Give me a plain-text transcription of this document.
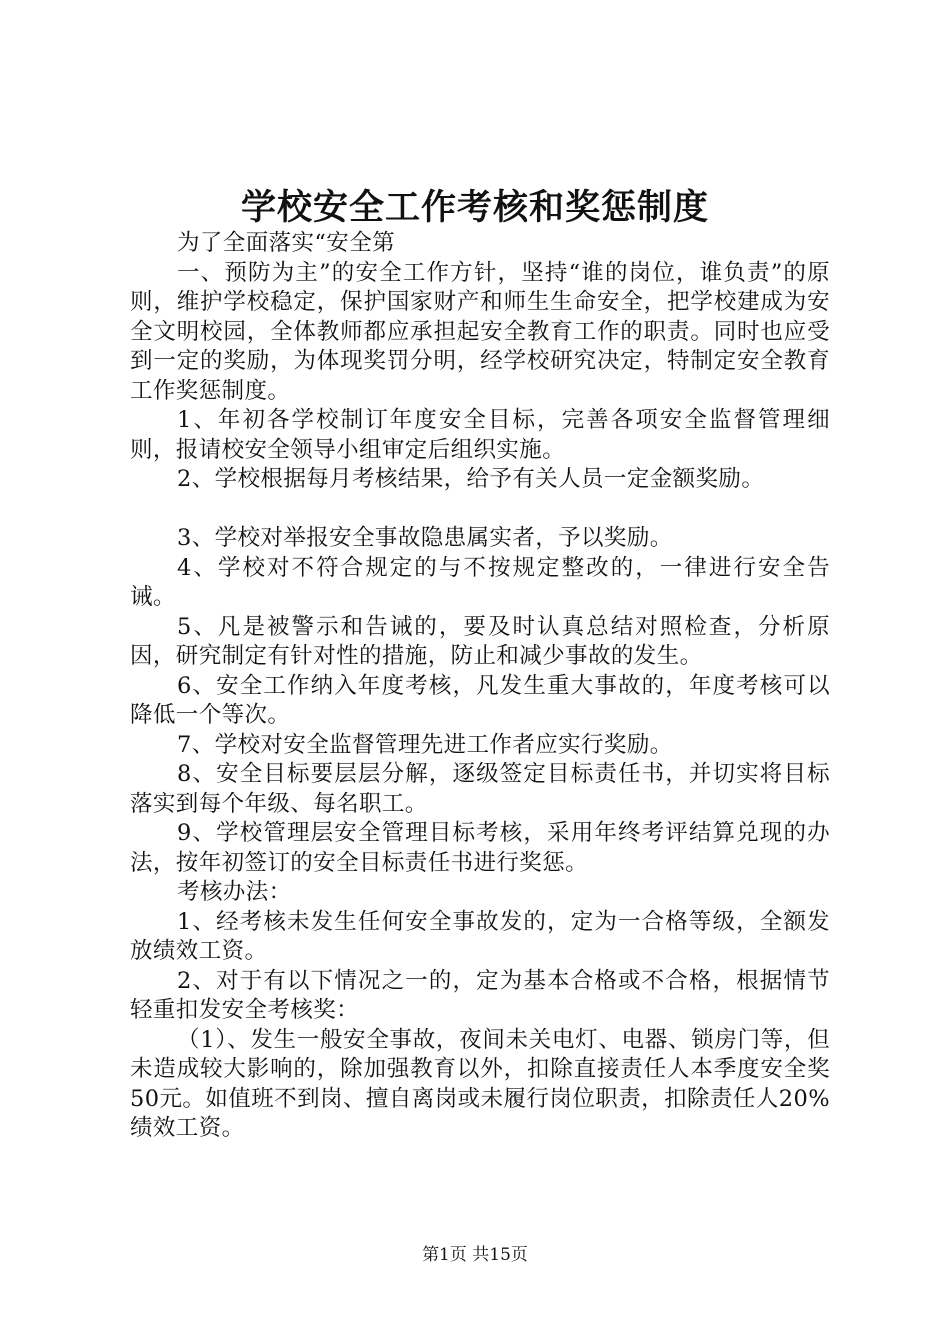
学校安全工作考核和奖惩制度

为了全面落实“安全第

一、预防为主”的安全工作方针，坚持“谁的岗位，谁负责”的原则，维护学校稳定，保护国家财产和师生生命安全，把学校建成为安全文明校园，全体教师都应承担起安全教育工作的职责。同时也应受到一定的奖励，为体现奖罚分明，经学校研究决定，特制定安全教育工作奖惩制度。

1、年初各学校制订年度安全目标，完善各项安全监督管理细则，报请校安全领导小组审定后组织实施。

2、学校根据每月考核结果，给予有关人员一定金额奖励。

3、学校对举报安全事故隐患属实者，予以奖励。

4、学校对不符合规定的与不按规定整改的，一律进行安全告诫。

5、凡是被警示和告诫的，要及时认真总结对照检查，分析原因，研究制定有针对性的措施，防止和减少事故的发生。

6、安全工作纳入年度考核，凡发生重大事故的，年度考核可以降低一个等次。

7、学校对安全监督管理先进工作者应实行奖励。

8、安全目标要层层分解，逐级签定目标责任书，并切实将目标落实到每个年级、每名职工。

9、学校管理层安全管理目标考核，采用年终考评结算兑现的办法，按年初签订的安全目标责任书进行奖惩。

考核办法：

1、经考核未发生任何安全事故发的，定为一合格等级，全额发放绩效工资。

2、对于有以下情况之一的，定为基本合格或不合格，根据情节轻重扣发安全考核奖：

（1）、发生一般安全事故，夜间未关电灯、电器、锁房门等，但未造成较大影响的，除加强教育以外，扣除直接责任人本季度安全奖50元。如值班不到岗、擅自离岗或未履行岗位职责，扣除责任人20%绩效工资。

第1页 共15页
